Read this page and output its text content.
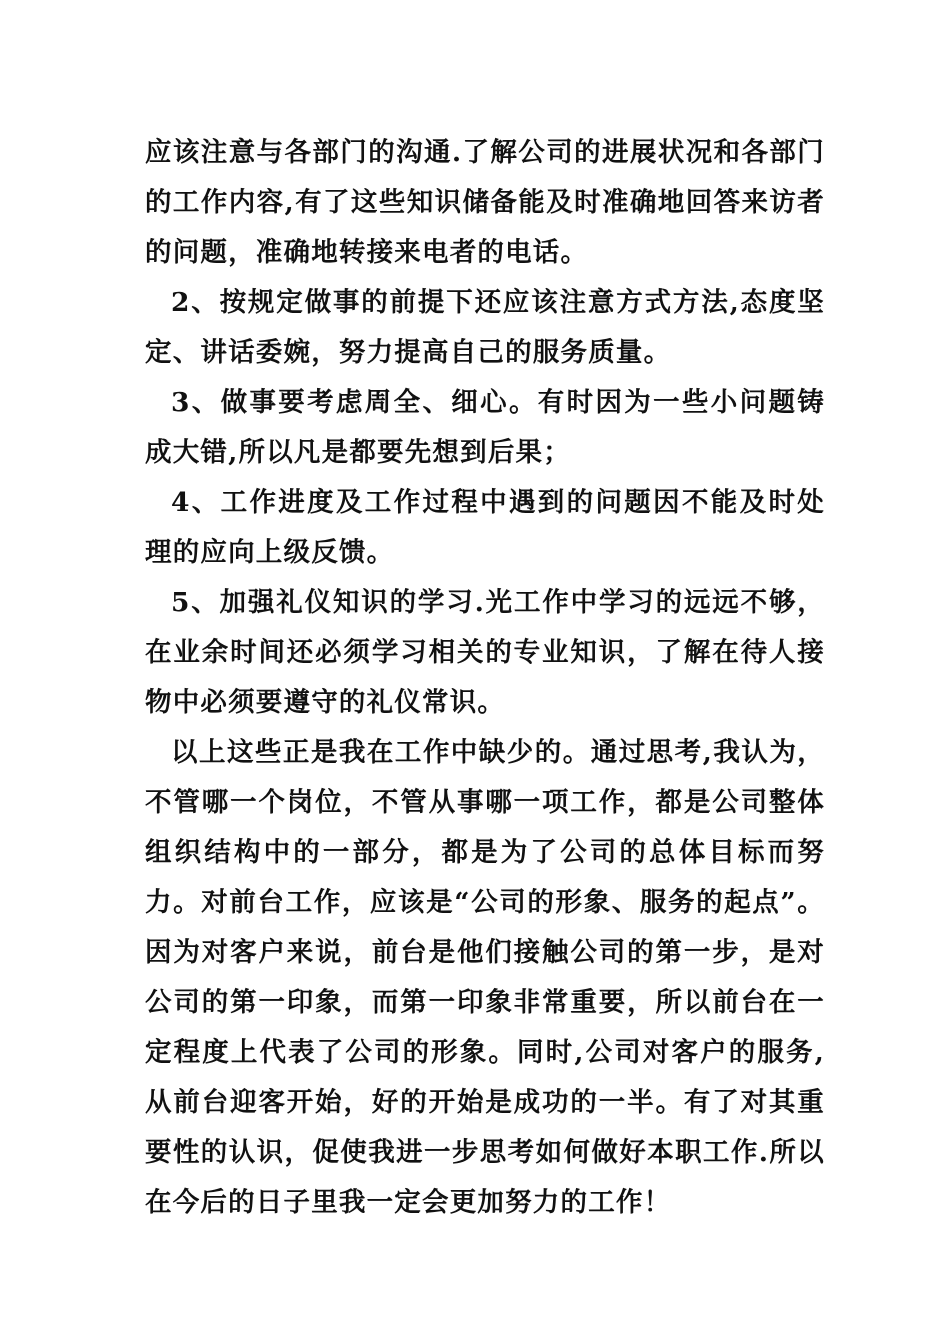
应该注意与各部门的沟通.了解公司的进展状况和各部门的工作内容,有了这些知识储备能及时准确地回答来访者的问题，准确地转接来电者的电话。

2、按规定做事的前提下还应该注意方式方法,态度坚定、讲话委婉，努力提高自己的服务质量。

3、做事要考虑周全、细心。有时因为一些小问题铸成大错,所以凡是都要先想到后果；

4、工作进度及工作过程中遇到的问题因不能及时处理的应向上级反馈。

5、加强礼仪知识的学习.光工作中学习的远远不够，在业余时间还必须学习相关的专业知识，了解在待人接物中必须要遵守的礼仪常识。

以上这些正是我在工作中缺少的。通过思考,我认为，不管哪一个岗位，不管从事哪一项工作，都是公司整体组织结构中的一部分，都是为了公司的总体目标而努力。对前台工作，应该是“公司的形象、服务的起点”。因为对客户来说，前台是他们接触公司的第一步，是对公司的第一印象，而第一印象非常重要，所以前台在一定程度上代表了公司的形象。同时,公司对客户的服务,从前台迎客开始，好的开始是成功的一半。有了对其重要性的认识，促使我进一步思考如何做好本职工作.所以在今后的日子里我一定会更加努力的工作！
